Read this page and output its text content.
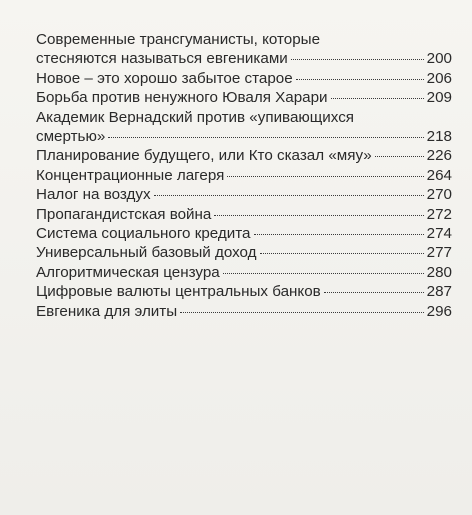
Современные трансгуманисты, которые
стесняются называться евгениками	200
Новое – это хорошо забытое старое	206
Борьба против ненужного Юваля Харари	209
Академик Вернадский против «упивающихся
смертью»	218
Планирование будущего, или Кто сказал «мяу»	226
Концентрационные лагеря	264
Налог на воздух	270
Пропагандистская война	272
Система социального кредита	274
Универсальный базовый доход	277
Алгоритмическая цензура	280
Цифровые валюты центральных банков	287
Евгеника для элиты	296
